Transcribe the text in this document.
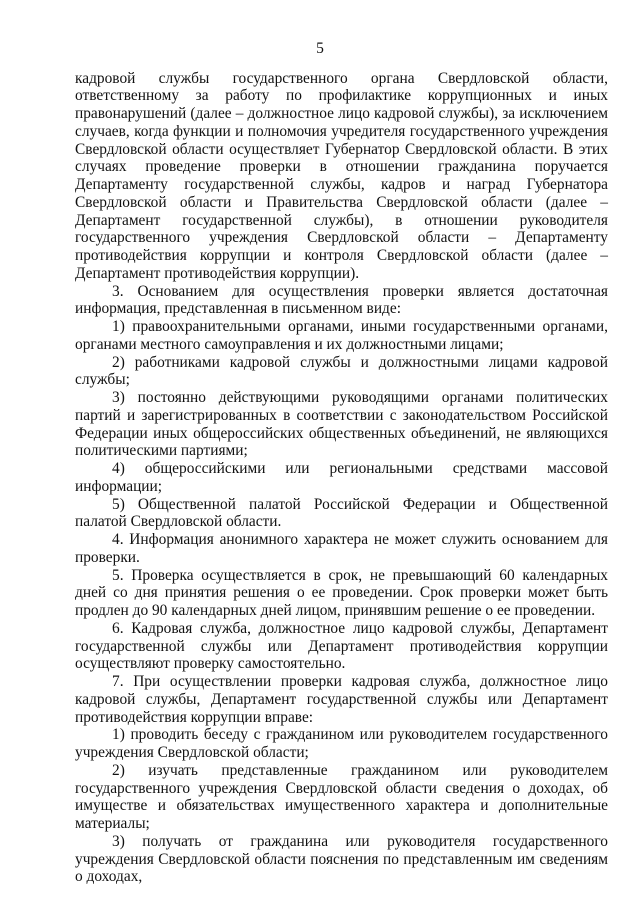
5

кадровой службы государственного органа Свердловской области, ответственному за работу по профилактике коррупционных и иных правонарушений (далее – должностное лицо кадровой службы), за исключением случаев, когда функции и полномочия учредителя государственного учреждения Свердловской области осуществляет Губернатор Свердловской области. В этих случаях проведение проверки в отношении гражданина поручается Департаменту государственной службы, кадров и наград Губернатора Свердловской области и Правительства Свердловской области (далее – Департамент государственной службы), в отношении руководителя государственного учреждения Свердловской области – Департаменту противодействия коррупции и контроля Свердловской области (далее – Департамент противодействия коррупции).

3. Основанием для осуществления проверки является достаточная информация, представленная в письменном виде:

1) правоохранительными органами, иными государственными органами, органами местного самоуправления и их должностными лицами;

2) работниками кадровой службы и должностными лицами кадровой службы;

3) постоянно действующими руководящими органами политических партий и зарегистрированных в соответствии с законодательством Российской Федерации иных общероссийских общественных объединений, не являющихся политическими партиями;

4) общероссийскими или региональными средствами массовой информации;

5) Общественной палатой Российской Федерации и Общественной палатой Свердловской области.

4. Информация анонимного характера не может служить основанием для проверки.

5. Проверка осуществляется в срок, не превышающий 60 календарных дней со дня принятия решения о ее проведении. Срок проверки может быть продлен до 90 календарных дней лицом, принявшим решение о ее проведении.

6. Кадровая служба, должностное лицо кадровой службы, Департамент государственной службы или Департамент противодействия коррупции осуществляют проверку самостоятельно.

7. При осуществлении проверки кадровая служба, должностное лицо кадровой службы, Департамент государственной службы или Департамент противодействия коррупции вправе:

1) проводить беседу с гражданином или руководителем государственного учреждения Свердловской области;

2) изучать представленные гражданином или руководителем государственного учреждения Свердловской области сведения о доходах, об имуществе и обязательствах имущественного характера и дополнительные материалы;

3) получать от гражданина или руководителя государственного учреждения Свердловской области пояснения по представленным им сведениям о доходах,
